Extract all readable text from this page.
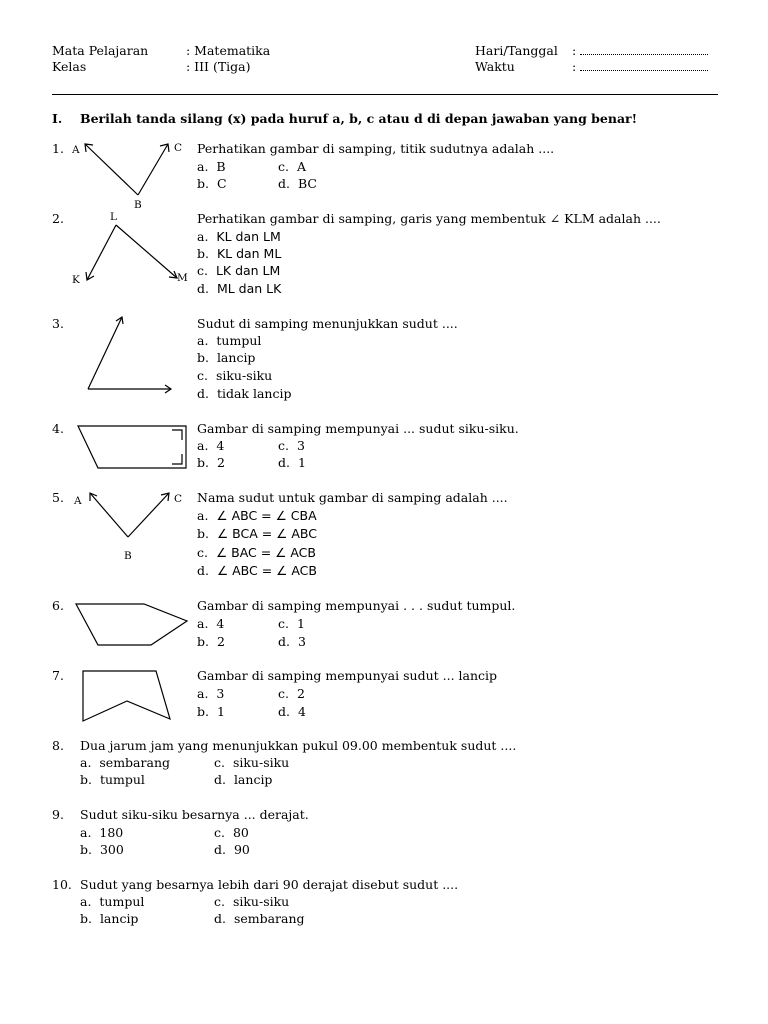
Mata Pelajaran	: Matematika
Kelas	: III (Tiga)
Hari/Tanggal :
Waktu	:
I. Berilah tanda silang (x) pada huruf a, b, c atau d di depan jawaban yang benar!
1. A	C
B
Perhatikan gambar di samping, titik sudutnya adalah ....
a. B	c. A
b. C	d. BC
2.	L
K	M
Perhatikan gambar di samping, garis yang membentuk ∠ KLM adalah ....
a. KL dan LM
b. KL dan ML
c. LK dan LM
d. ML dan LK
3.	Sudut di samping menunjukkan sudut ....
a. tumpul
b. lancip
c. siku-siku
d. tidak lancip
4.	Gambar di samping mempunyai ... sudut siku-siku.
a. 4	c. 3
b. 2	d. 1
5. A	C
B
Nama sudut untuk gambar di samping adalah ....
a. ∠ ABC = ∠ CBA
b. ∠ BCA = ∠ ABC
c. ∠ BAC = ∠ ACB
d. ∠ ABC = ∠ ACB
6.	Gambar di samping mempunyai . . . sudut tumpul.
a. 4	c. 1
b. 2	d. 3
7.	Gambar di samping mempunyai sudut ... lancip
a. 3	c. 2
b. 1	d. 4
8. Dua jarum jam yang menunjukkan pukul 09.00 membentuk sudut ....
a. sembarang	c. siku-siku
b. tumpul	d. lancip
9. Sudut siku-siku besarnya ... derajat.
a. 180	c. 80
b. 300	d. 90
10. Sudut yang besarnya lebih dari 90 derajat disebut sudut ....
a. tumpul	c. siku-siku
b. lancip	d. sembarang
